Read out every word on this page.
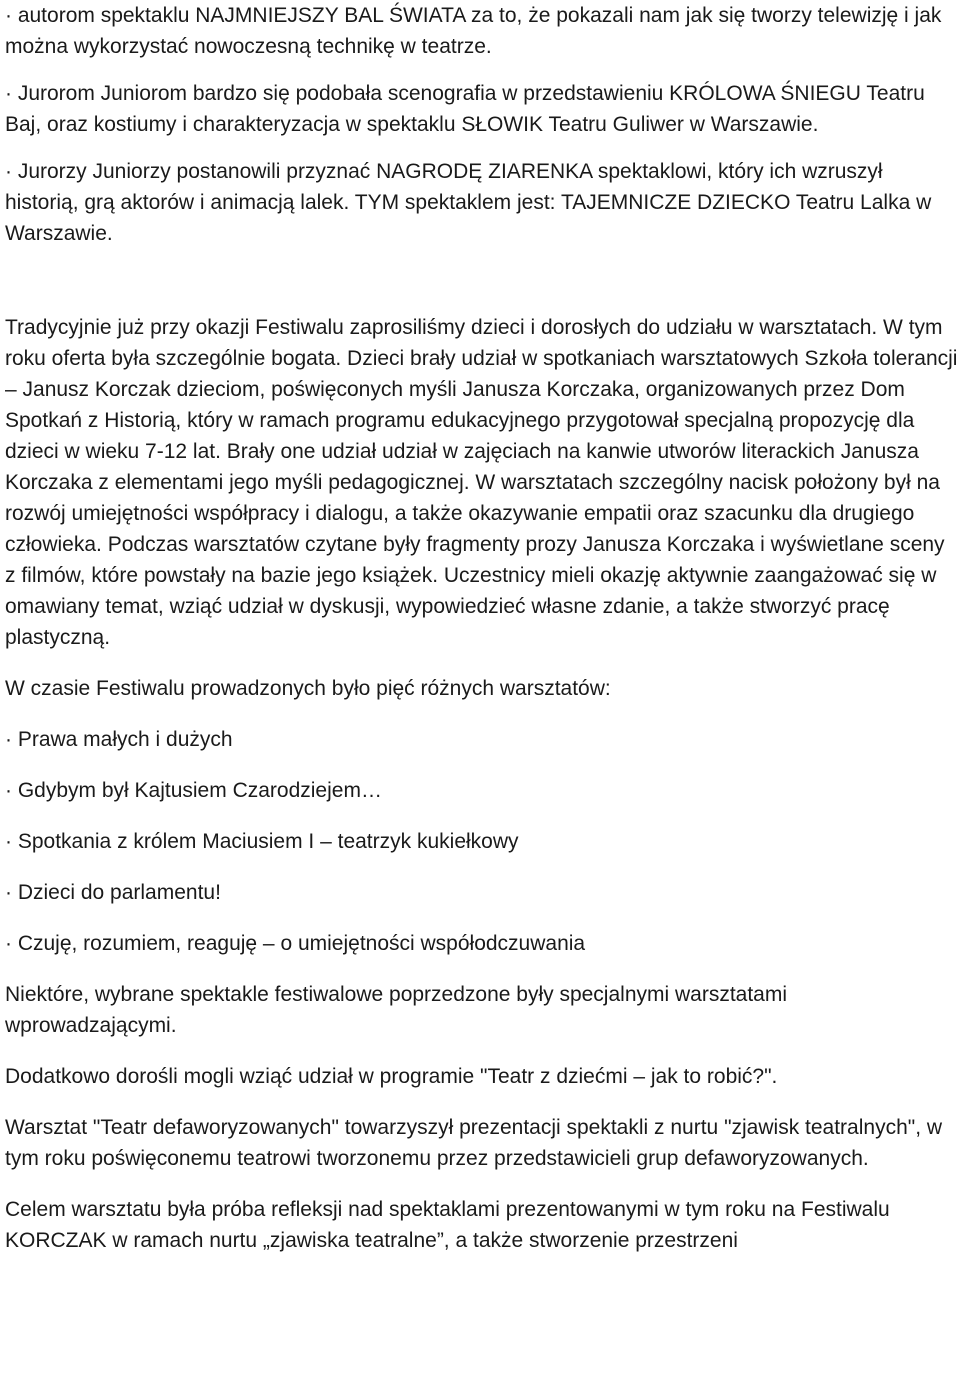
· autorom spektaklu NAJMNIEJSZY BAL ŚWIATA za to, że pokazali nam jak się tworzy telewizję i jak można wykorzystać nowoczesną technikę w teatrze.

· Jurorom Juniorom bardzo się podobała scenografia w przedstawieniu KRÓLOWA ŚNIEGU Teatru Baj, oraz kostiumy i charakteryzacja w spektaklu SŁOWIK Teatru Guliwer w Warszawie.

· Jurorzy Juniorzy postanowili przyznać NAGRODĘ ZIARENKA spektaklowi, który ich wzruszył historią, grą aktorów i animacją lalek. TYM spektaklem jest: TAJEMNICZE DZIECKO Teatru Lalka w Warszawie.

Tradycyjnie już przy okazji Festiwalu zaprosiliśmy dzieci i dorosłych do udziału w warsztatach. W tym roku oferta była szczególnie bogata. Dzieci brały udział w spotkaniach warsztatowych Szkoła tolerancji – Janusz Korczak dzieciom, poświęconych myśli Janusza Korczaka, organizowanych przez Dom Spotkań z Historią, który w ramach programu edukacyjnego przygotował specjalną propozycję dla dzieci w wieku 7-12 lat. Brały one udział udział w zajęciach na kanwie utworów literackich Janusza Korczaka z elementami jego myśli pedagogicznej. W warsztatach szczególny nacisk położony był na rozwój umiejętności współpracy i dialogu, a także okazywanie empatii oraz szacunku dla drugiego człowieka. Podczas warsztatów czytane były fragmenty prozy Janusza Korczaka i wyświetlane sceny z filmów, które powstały na bazie jego książek. Uczestnicy mieli okazję aktywnie zaangażować się w omawiany temat, wziąć udział w dyskusji, wypowiedzieć własne zdanie, a także stworzyć pracę plastyczną.

W czasie Festiwalu prowadzonych było pięć różnych warsztatów:

· Prawa małych i dużych

· Gdybym był Kajtusiem Czarodziejem…

· Spotkania z królem Maciusiem I – teatrzyk kukiełkowy

· Dzieci do parlamentu!

· Czuję, rozumiem, reaguję – o umiejętności współodczuwania

Niektóre, wybrane spektakle festiwalowe poprzedzone były specjalnymi warsztatami wprowadzającymi.

Dodatkowo dorośli mogli wziąć udział w programie "Teatr z dziećmi – jak to robić?".

Warsztat "Teatr defaworyzowanych" towarzyszył prezentacji spektakli z nurtu "zjawisk teatralnych", w tym roku poświęconemu teatrowi tworzonemu przez przedstawicieli grup defaworyzowanych.

Celem warsztatu była próba refleksji nad spektaklami prezentowanymi w tym roku na Festiwalu KORCZAK w ramach nurtu „zjawiska teatralne”, a także stworzenie przestrzeni
